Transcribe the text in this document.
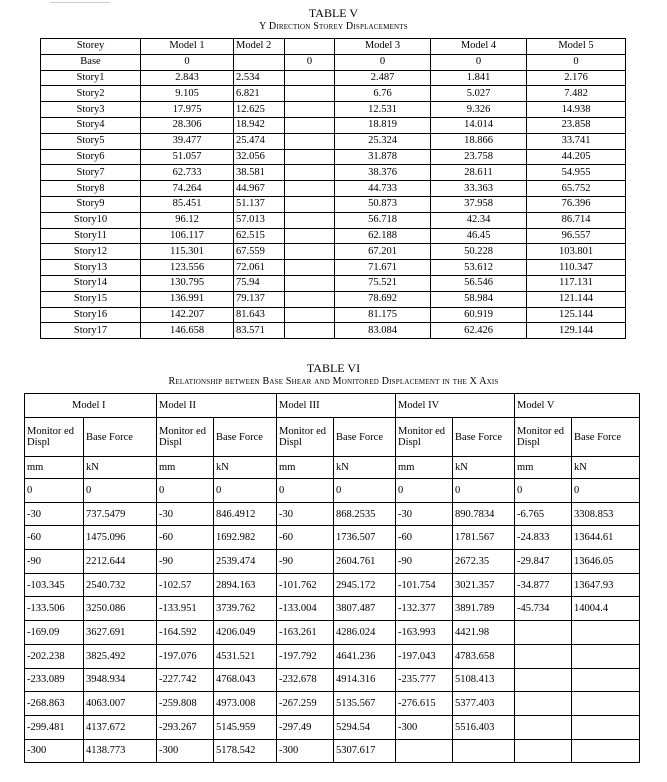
TABLE V
Y Direction Storey Displacements
Storey	Model 1	Model 2		Model 3	Model 4	Model 5
Base	0		0	0	0	0
Story1	2.843	2.534		2.487	1.841	2.176
Story2	9.105	6.821		6.76	5.027	7.482
Story3	17.975	12.625		12.531	9.326	14.938
Story4	28.306	18.942		18.819	14.014	23.858
Story5	39.477	25.474		25.324	18.866	33.741
Story6	51.057	32.056		31.878	23.758	44.205
Story7	62.733	38.581		38.376	28.611	54.955
Story8	74.264	44.967		44.733	33.363	65.752
Story9	85.451	51.137		50.873	37.958	76.396
Story10	96.12	57.013		56.718	42.34	86.714
Story11	106.117	62.515		62.188	46.45	96.557
Story12	115.301	67.559		67.201	50.228	103.801
Story13	123.556	72.061		71.671	53.612	110.347
Story14	130.795	75.94		75.521	56.546	117.131
Story15	136.991	79.137		78.692	58.984	121.144
Story16	142.207	81.643		81.175	60.919	125.144
Story17	146.658	83.571		83.084	62.426	129.144
TABLE VI
Relationship between Base Shear and Monitored Displacement in the X Axis
Model I		Model II		Model III		Model IV		Model V	
Monitor ed Displ	Base Force	Monitor ed Displ	Base Force	Monitor ed Displ	Base Force	Monitor ed Displ	Base Force	Monitor ed Displ	Base Force
mm	kN	mm	kN	mm	kN	mm	kN	mm	kN
0	0	0	0	0	0	0	0	0	0
-30	737.5479	-30	846.4912	-30	868.2535	-30	890.7834	-6.765	3308.853
-60	1475.096	-60	1692.982	-60	1736.507	-60	1781.567	-24.833	13644.61
-90	2212.644	-90	2539.474	-90	2604.761	-90	2672.35	-29.847	13646.05
-103.345	2540.732	-102.57	2894.163	-101.762	2945.172	-101.754	3021.357	-34.877	13647.93
-133.506	3250.086	-133.951	3739.762	-133.004	3807.487	-132.377	3891.789	-45.734	14004.4
-169.09	3627.691	-164.592	4206.049	-163.261	4286.024	-163.993	4421.98		
-202.238	3825.492	-197.076	4531.521	-197.792	4641.236	-197.043	4783.658		
-233.089	3948.934	-227.742	4768.043	-232.678	4914.316	-235.777	5108.413		
-268.863	4063.007	-259.808	4973.008	-267.259	5135.567	-276.615	5377.403		
-299.481	4137.672	-293.267	5145.959	-297.49	5294.54	-300	5516.403		
-300	4138.773	-300	5178.542	-300	5307.617				
